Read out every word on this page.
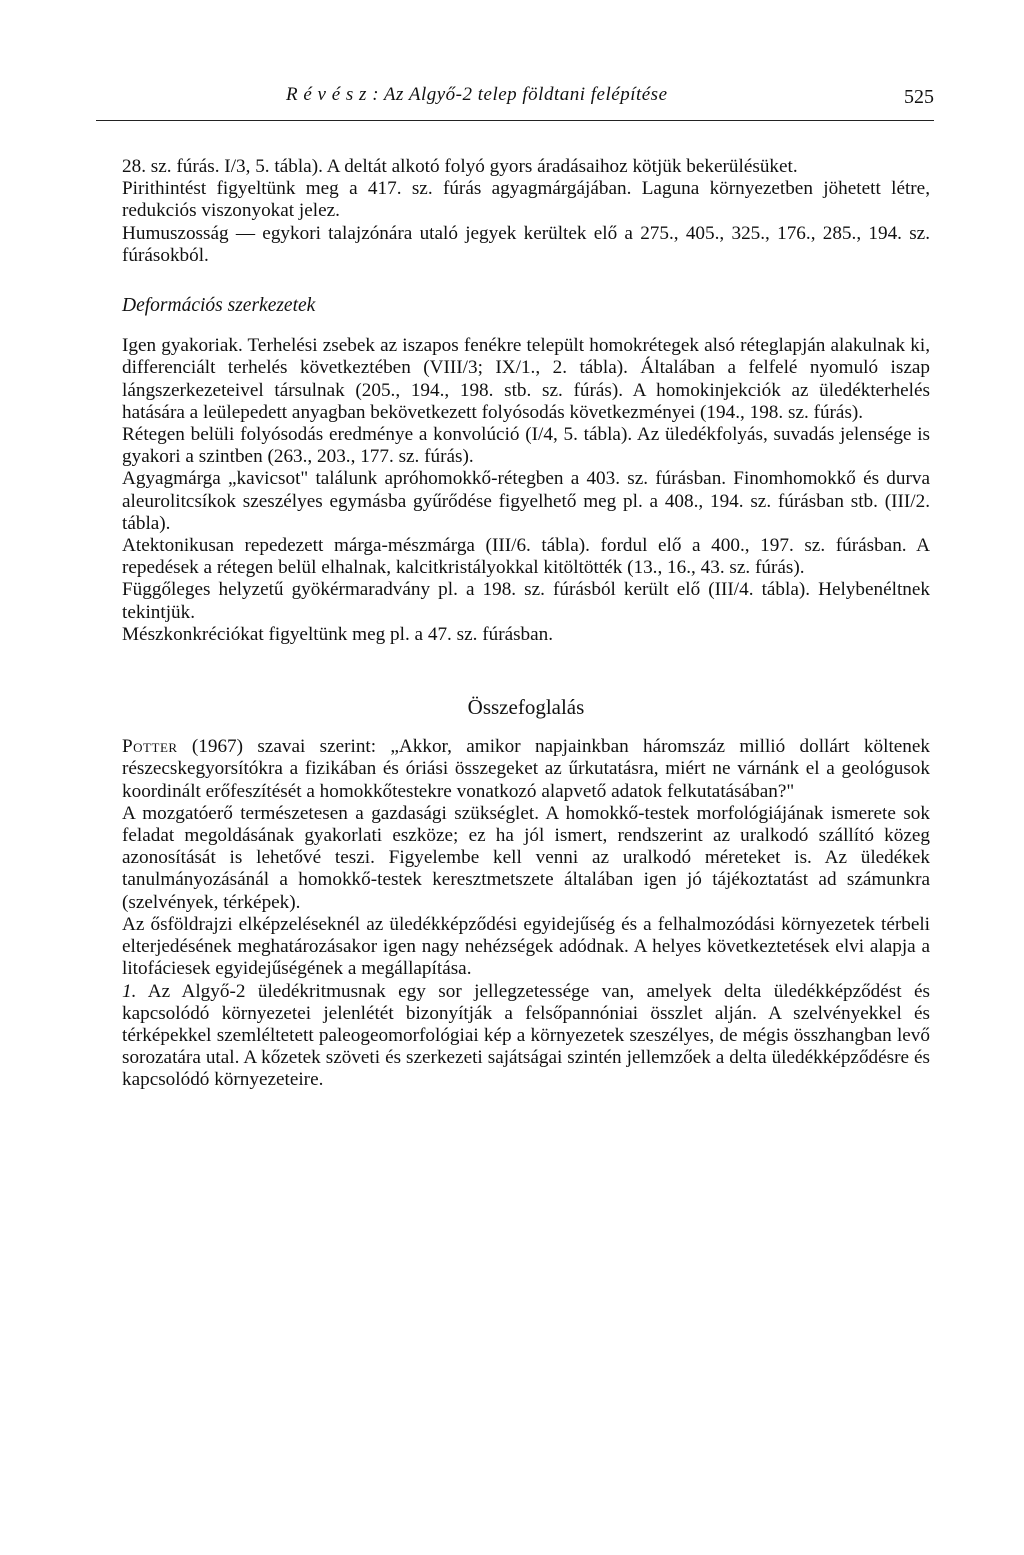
R é v é s z : Az Algyő-2 telep földtani felépítése	525

28. sz. fúrás. I/3, 5. tábla). A deltát alkotó folyó gyors áradásaihoz kötjük bekerülésüket.

Pirithintést figyeltünk meg a 417. sz. fúrás agyagmárgájában. Laguna környezetben jöhetett létre, redukciós viszonyokat jelez.

Humuszosság — egykori talajzónára utaló jegyek kerültek elő a 275., 405., 325., 176., 285., 194. sz. fúrásokból.

Deformációs szerkezetek

Igen gyakoriak. Terhelési zsebek az iszapos fenékre települt homokrétegek alsó réteglapján alakulnak ki, differenciált terhelés következtében (VIII/3; IX/1., 2. tábla). Általában a felfelé nyomuló iszap lángszerkezeteivel társulnak (205., 194., 198. stb. sz. fúrás). A homokinjekciók az üledékterhelés hatására a leülepedett anyagban bekövetkezett folyósodás következményei (194., 198. sz. fúrás).

Rétegen belüli folyósodás eredménye a konvolúció (I/4, 5. tábla). Az üledékfolyás, suvadás jelensége is gyakori a szintben (263., 203., 177. sz. fúrás).

Agyagmárga „kavicsot" találunk apróhomokkő-rétegben a 403. sz. fúrásban. Finomhomokkő és durva aleurolitcsíkok szeszélyes egymásba gyűrődése figyelhető meg pl. a 408., 194. sz. fúrásban stb. (III/2. tábla).

Atektonikusan repedezett márga-mészmárga (III/6. tábla). fordul elő a 400., 197. sz. fúrásban. A repedések a rétegen belül elhalnak, kalcitkristályokkal kitöltötték (13., 16., 43. sz. fúrás).

Függőleges helyzetű gyökérmaradvány pl. a 198. sz. fúrásból került elő (III/4. tábla). Helybenéltnek tekintjük.

Mészkonkréciókat figyeltünk meg pl. a 47. sz. fúrásban.

Összefoglalás

Potter (1967) szavai szerint: „Akkor, amikor napjainkban háromszáz millió dollárt költenek részecskegyorsítókra a fizikában és óriási összegeket az űrkutatásra, miért ne várnánk el a geológusok koordinált erőfeszítését a homokkőtestekre vonatkozó alapvető adatok felkutatásában?"

A mozgatóerő természetesen a gazdasági szükséglet. A homokkő-testek morfológiájának ismerete sok feladat megoldásának gyakorlati eszköze; ez ha jól ismert, rendszerint az uralkodó szállító közeg azonosítását is lehetővé teszi. Figyelembe kell venni az uralkodó méreteket is. Az üledékek tanulmányozásánál a homokkő-testek keresztmetszete általában igen jó tájékoztatást ad számunkra (szelvények, térképek).

Az ősföldrajzi elképzeléseknél az üledékképződési egyidejűség és a felhalmozódási környezetek térbeli elterjedésének meghatározásakor igen nagy nehézségek adódnak. A helyes következtetések elvi alapja a litofáciesek egyidejűségének a megállapítása.

1. Az Algyő-2 üledékritmusnak egy sor jellegzetessége van, amelyek delta üledékképződést és kapcsolódó környezetei jelenlétét bizonyítják a felsőpannóniai összlet alján. A szelvényekkel és térképekkel szemléltetett paleogeomorfológiai kép a környezetek szeszélyes, de mégis összhangban levő sorozatára utal. A kőzetek szöveti és szerkezeti sajátságai szintén jellemzőek a delta üledékképződésre és kapcsolódó környezeteire.
